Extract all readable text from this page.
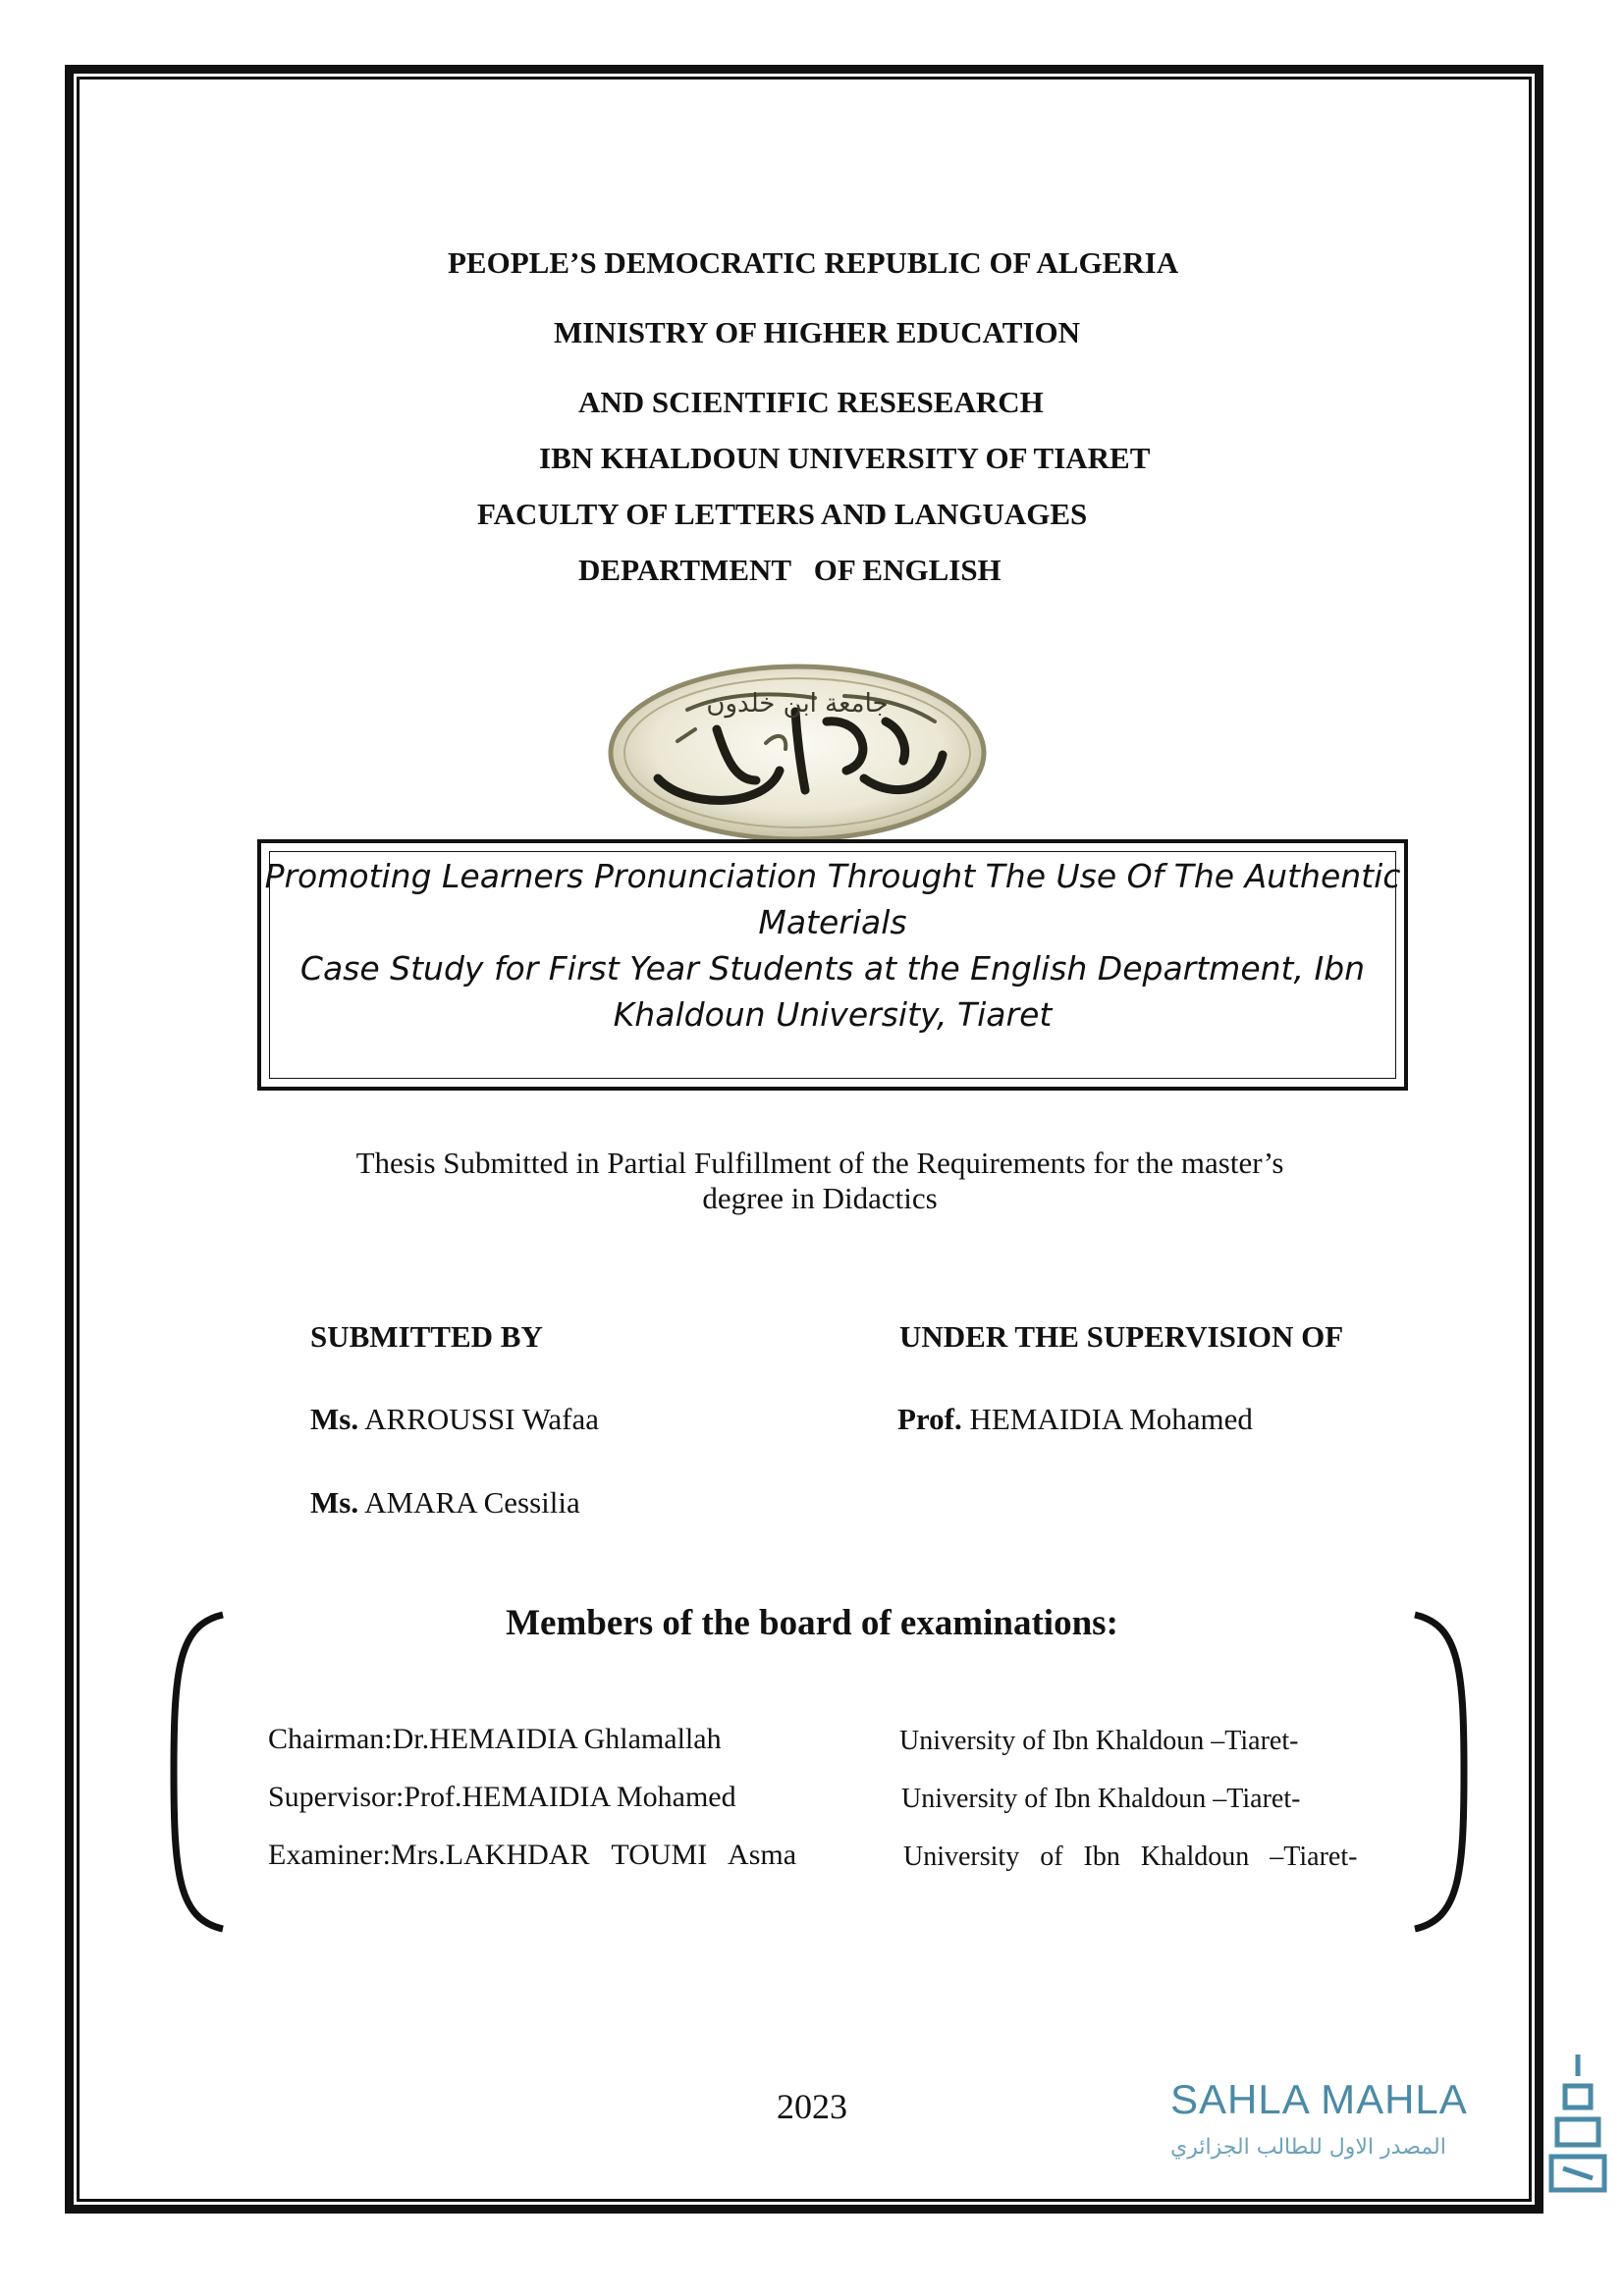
PEOPLE’S DEMOCRATIC REPUBLIC OF ALGERIA
MINISTRY OF HIGHER EDUCATION
AND SCIENTIFIC RESESEARCH
IBN KHALDOUN UNIVERSITY OF TIARET
FACULTY OF LETTERS AND LANGUAGES
DEPARTMENT   OF ENGLISH
جامعة ابن خلدون
Promoting Learners Pronunciation Throught The Use Of The Authentic
Materials
Case Study for First Year Students at the English Department, Ibn
Khaldoun University, Tiaret
Thesis Submitted in Partial Fulfillment of the Requirements for the master’s
degree in Didactics
SUBMITTED BY	UNDER THE SUPERVISION OF
Ms. ARROUSSI Wafaa	Prof. HEMAIDIA Mohamed
Ms. AMARA Cessilia
Members of the board of examinations:
Chairman:Dr.HEMAIDIA Ghlamallah	University of Ibn Khaldoun –Tiaret-
Supervisor:Prof.HEMAIDIA Mohamed	University of Ibn Khaldoun –Tiaret-
Examiner:Mrs.LAKHDAR   TOUMI   Asma	University   of   Ibn   Khaldoun   –Tiaret-
2023	SAHLA MAHLA
المصدر الاول للطالب الجزائري
